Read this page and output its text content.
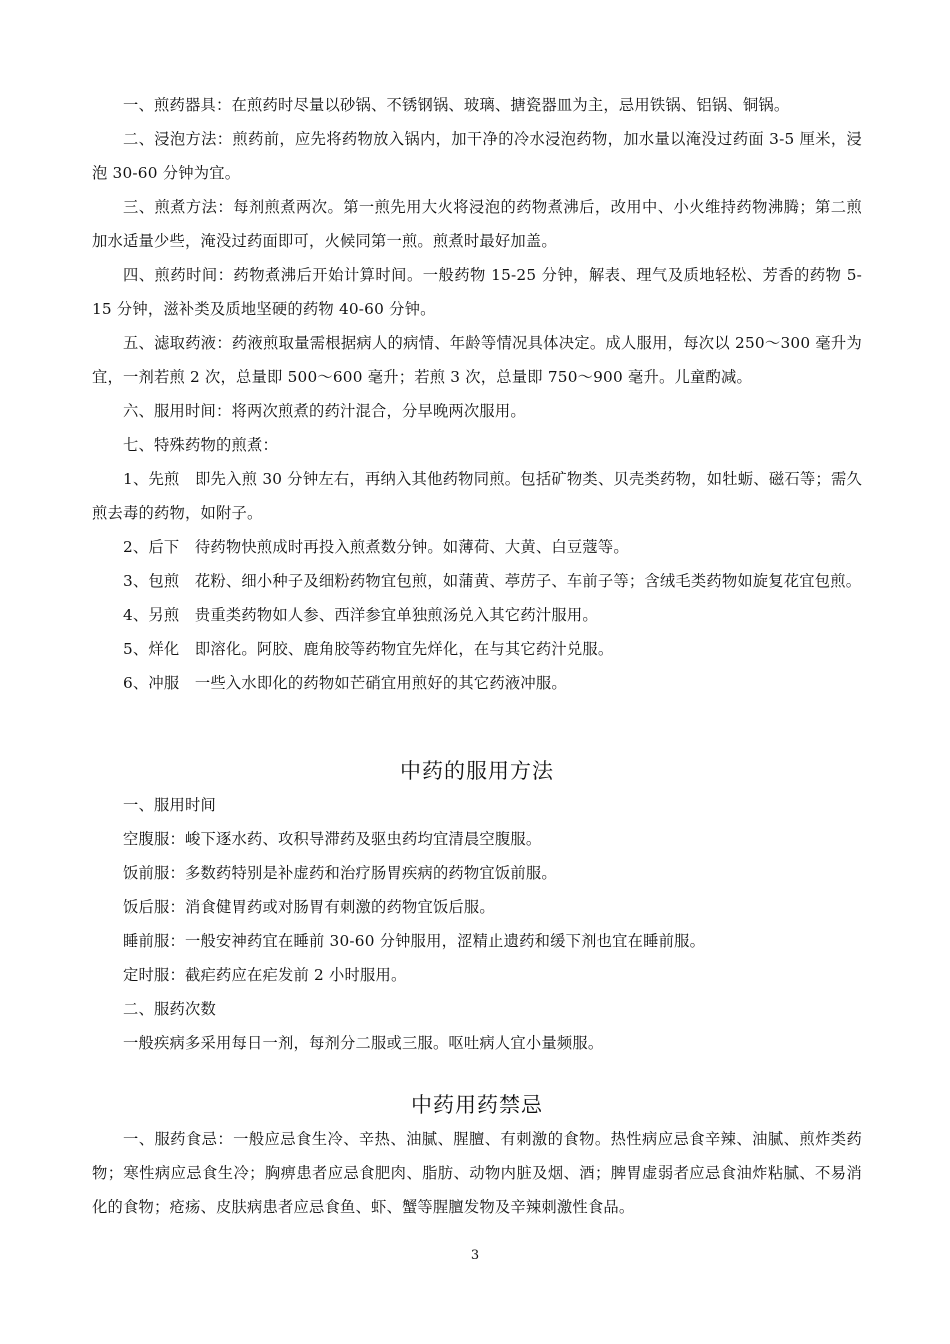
一、煎药器具：在煎药时尽量以砂锅、不锈钢锅、玻璃、搪瓷器皿为主，忌用铁锅、铝锅、铜锅。

二、浸泡方法：煎药前，应先将药物放入锅内，加干净的冷水浸泡药物，加水量以淹没过药面 3-5 厘米，浸泡 30-60 分钟为宜。

三、煎煮方法：每剂煎煮两次。第一煎先用大火将浸泡的药物煮沸后，改用中、小火维持药物沸腾；第二煎加水适量少些，淹没过药面即可，火候同第一煎。煎煮时最好加盖。

四、煎药时间：药物煮沸后开始计算时间。一般药物 15-25 分钟，解表、理气及质地轻松、芳香的药物 5-15 分钟，滋补类及质地坚硬的药物 40-60 分钟。

五、滤取药液：药液煎取量需根据病人的病情、年龄等情况具体决定。成人服用，每次以 250～300 毫升为宜，一剂若煎 2 次，总量即 500～600 毫升；若煎 3 次，总量即 750～900 毫升。儿童酌减。

六、服用时间：将两次煎煮的药汁混合，分早晚两次服用。

七、特殊药物的煎煮：

1、先煎　即先入煎 30 分钟左右，再纳入其他药物同煎。包括矿物类、贝壳类药物，如牡蛎、磁石等；需久煎去毒的药物，如附子。

2、后下　待药物快煎成时再投入煎煮数分钟。如薄荷、大黄、白豆蔻等。

3、包煎　花粉、细小种子及细粉药物宜包煎，如蒲黄、葶苈子、车前子等；含绒毛类药物如旋复花宜包煎。

4、另煎　贵重类药物如人参、西洋参宜单独煎汤兑入其它药汁服用。

5、烊化　即溶化。阿胶、鹿角胶等药物宜先烊化，在与其它药汁兑服。

6、冲服　一些入水即化的药物如芒硝宜用煎好的其它药液冲服。

中药的服用方法

一、服用时间

空腹服：峻下逐水药、攻积导滞药及驱虫药均宜清晨空腹服。

饭前服：多数药特别是补虚药和治疗肠胃疾病的药物宜饭前服。

饭后服：消食健胃药或对肠胃有刺激的药物宜饭后服。

睡前服：一般安神药宜在睡前 30-60 分钟服用，涩精止遗药和缓下剂也宜在睡前服。

定时服：截疟药应在疟发前 2 小时服用。

二、服药次数

一般疾病多采用每日一剂，每剂分二服或三服。呕吐病人宜小量频服。

中药用药禁忌

一、服药食忌：一般应忌食生冷、辛热、油腻、腥膻、有刺激的食物。热性病应忌食辛辣、油腻、煎炸类药物；寒性病应忌食生冷；胸痹患者应忌食肥肉、脂肪、动物内脏及烟、酒；脾胃虚弱者应忌食油炸粘腻、不易消化的食物；疮疡、皮肤病患者应忌食鱼、虾、蟹等腥膻发物及辛辣刺激性食品。

3
